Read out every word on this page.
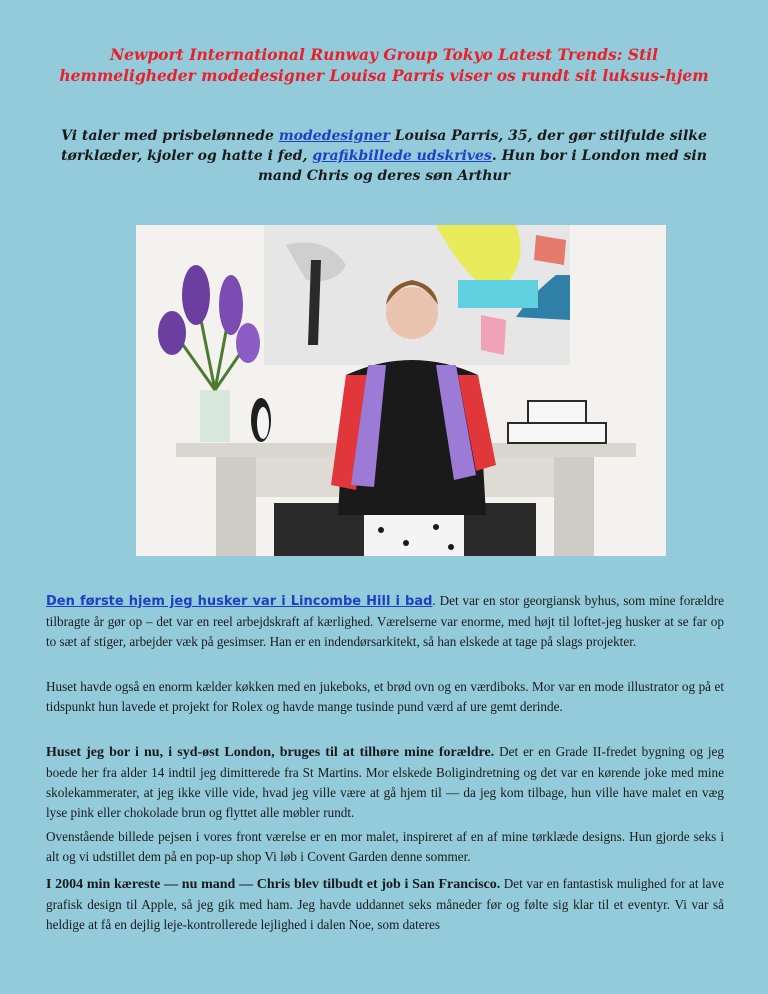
Newport International Runway Group Tokyo Latest Trends: Stil hemmeligheder modedesigner Louisa Parris viser os rundt sit luksus-hjem
Vi taler med prisbelønnede modedesigner Louisa Parris, 35, der gør stilfulde silke tørklæder, kjoler og hatte i fed, grafikbillede udskrives. Hun bor i London med sin mand Chris og deres søn Arthur
Den første hjem jeg husker var i Lincombe Hill i bad. Det var en stor georgiansk byhus, som mine forældre tilbragte år gør op – det var en reel arbejdskraft af kærlighed. Værelserne var enorme, med højt til loftet-jeg husker at se far op to sæt af stiger, arbejder væk på gesimser. Han er en indendørsarkitekt, så han elskede at tage på slags projekter.
Huset havde også en enorm kælder køkken med en jukeboks, et brød ovn og en værdiboks. Mor var en mode illustrator og på et tidspunkt hun lavede et projekt for Rolex og havde mange tusinde pund værd af ure gemt derinde.
Huset jeg bor i nu, i syd-øst London, bruges til at tilhøre mine forældre. Det er en Grade II-fredet bygning og jeg boede her fra alder 14 indtil jeg dimitterede fra St Martins. Mor elskede Boligindretning og det var en kørende joke med mine skolekammerater, at jeg ikke ville vide, hvad jeg ville være at gå hjem til — da jeg kom tilbage, hun ville have malet en væg lyse pink eller chokolade brun og flyttet alle møbler rundt.
Ovenstående billede pejsen i vores front værelse er en mor malet, inspireret af en af mine tørklæde designs. Hun gjorde seks i alt og vi udstillet dem på en pop-up shop Vi løb i Covent Garden denne sommer.
I 2004 min kæreste — nu mand — Chris blev tilbudt et job i San Francisco. Det var en fantastisk mulighed for at lave grafisk design til Apple, så jeg gik med ham. Jeg havde uddannet seks måneder før og følte sig klar til et eventyr. Vi var så heldige at få en dejlig leje-kontrollerede lejlighed i dalen Noe, som dateres
